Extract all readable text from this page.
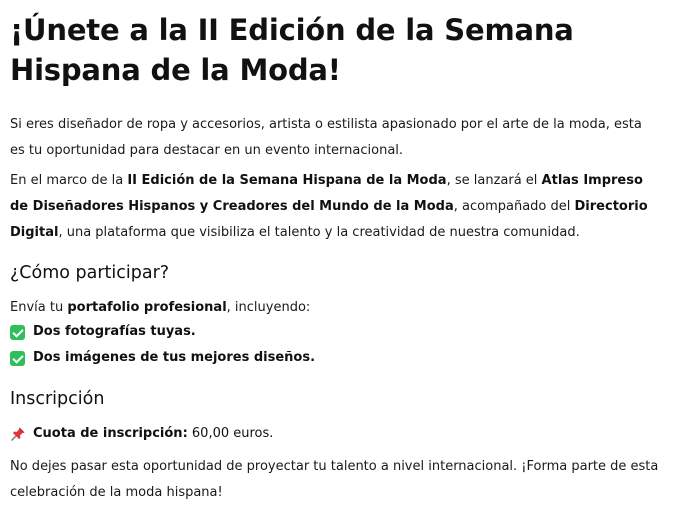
¡Únete a la II Edición de la Semana Hispana de la Moda!
Si eres diseñador de ropa y accesorios, artista o estilista apasionado por el arte de la moda, esta es tu oportunidad para destacar en un evento internacional.
En el marco de la II Edición de la Semana Hispana de la Moda, se lanzará el Atlas Impreso de Diseñadores Hispanos y Creadores del Mundo de la Moda, acompañado del Directorio Digital, una plataforma que visibiliza el talento y la creatividad de nuestra comunidad.
¿Cómo participar?
Envía tu portafolio profesional, incluyendo:
Dos fotografías tuyas.
Dos imágenes de tus mejores diseños.
Inscripción
Cuota de inscripción: 60,00 euros.
No dejes pasar esta oportunidad de proyectar tu talento a nivel internacional. ¡Forma parte de esta celebración de la moda hispana!
